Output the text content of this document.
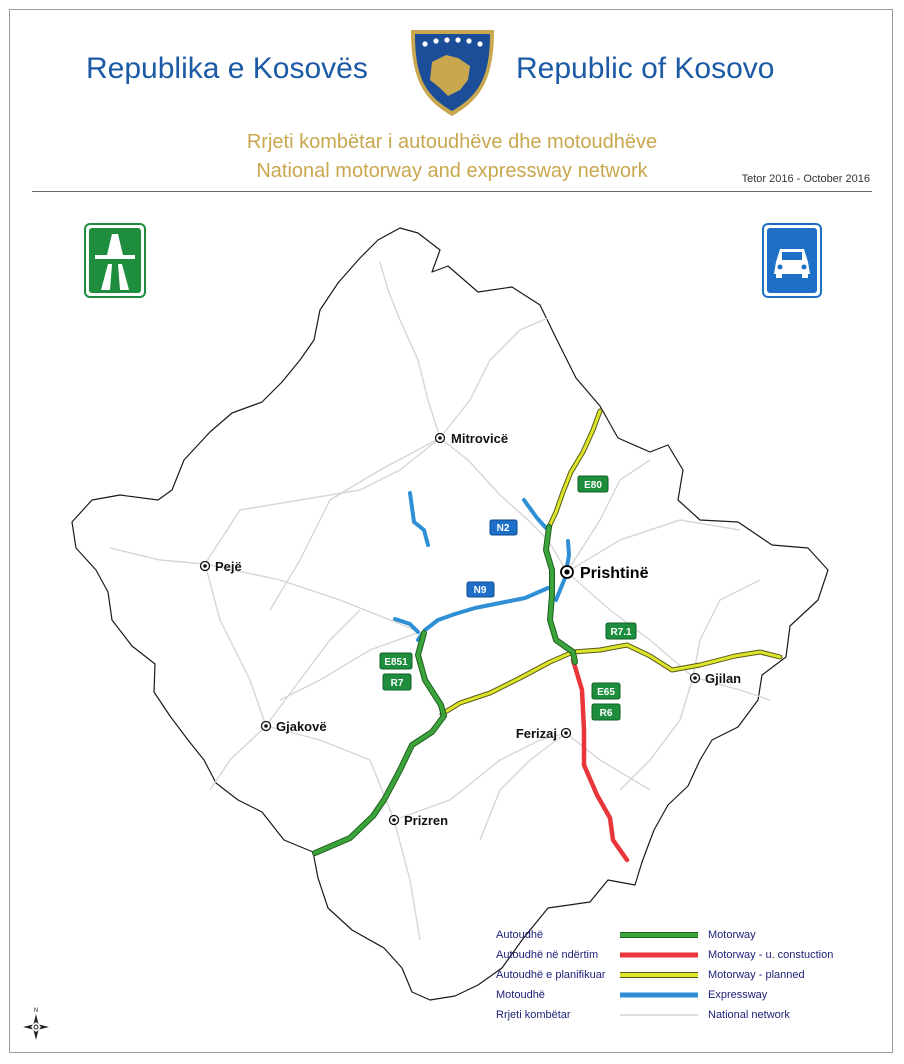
Republika e Kosovës	Republic of Kosovo
Rrjeti kombëtar i autoudhëve dhe motoudhëve
National motorway and expressway network	Tetor 2016 - October 2016
E80
N2
N9
R7.1
E851
R7
E65
R6
Mitrovicë
Pejë	Prishtinë
Gjakovë
Gjilan
Ferizaj
Prizren
N
Autoudhë	Motorway
Autoudhë në ndërtim	Motorway - u. constuction
Autoudhë e planifikuar	Motorway - planned
Motoudhë	Expressway
Rrjeti kombëtar	National network
